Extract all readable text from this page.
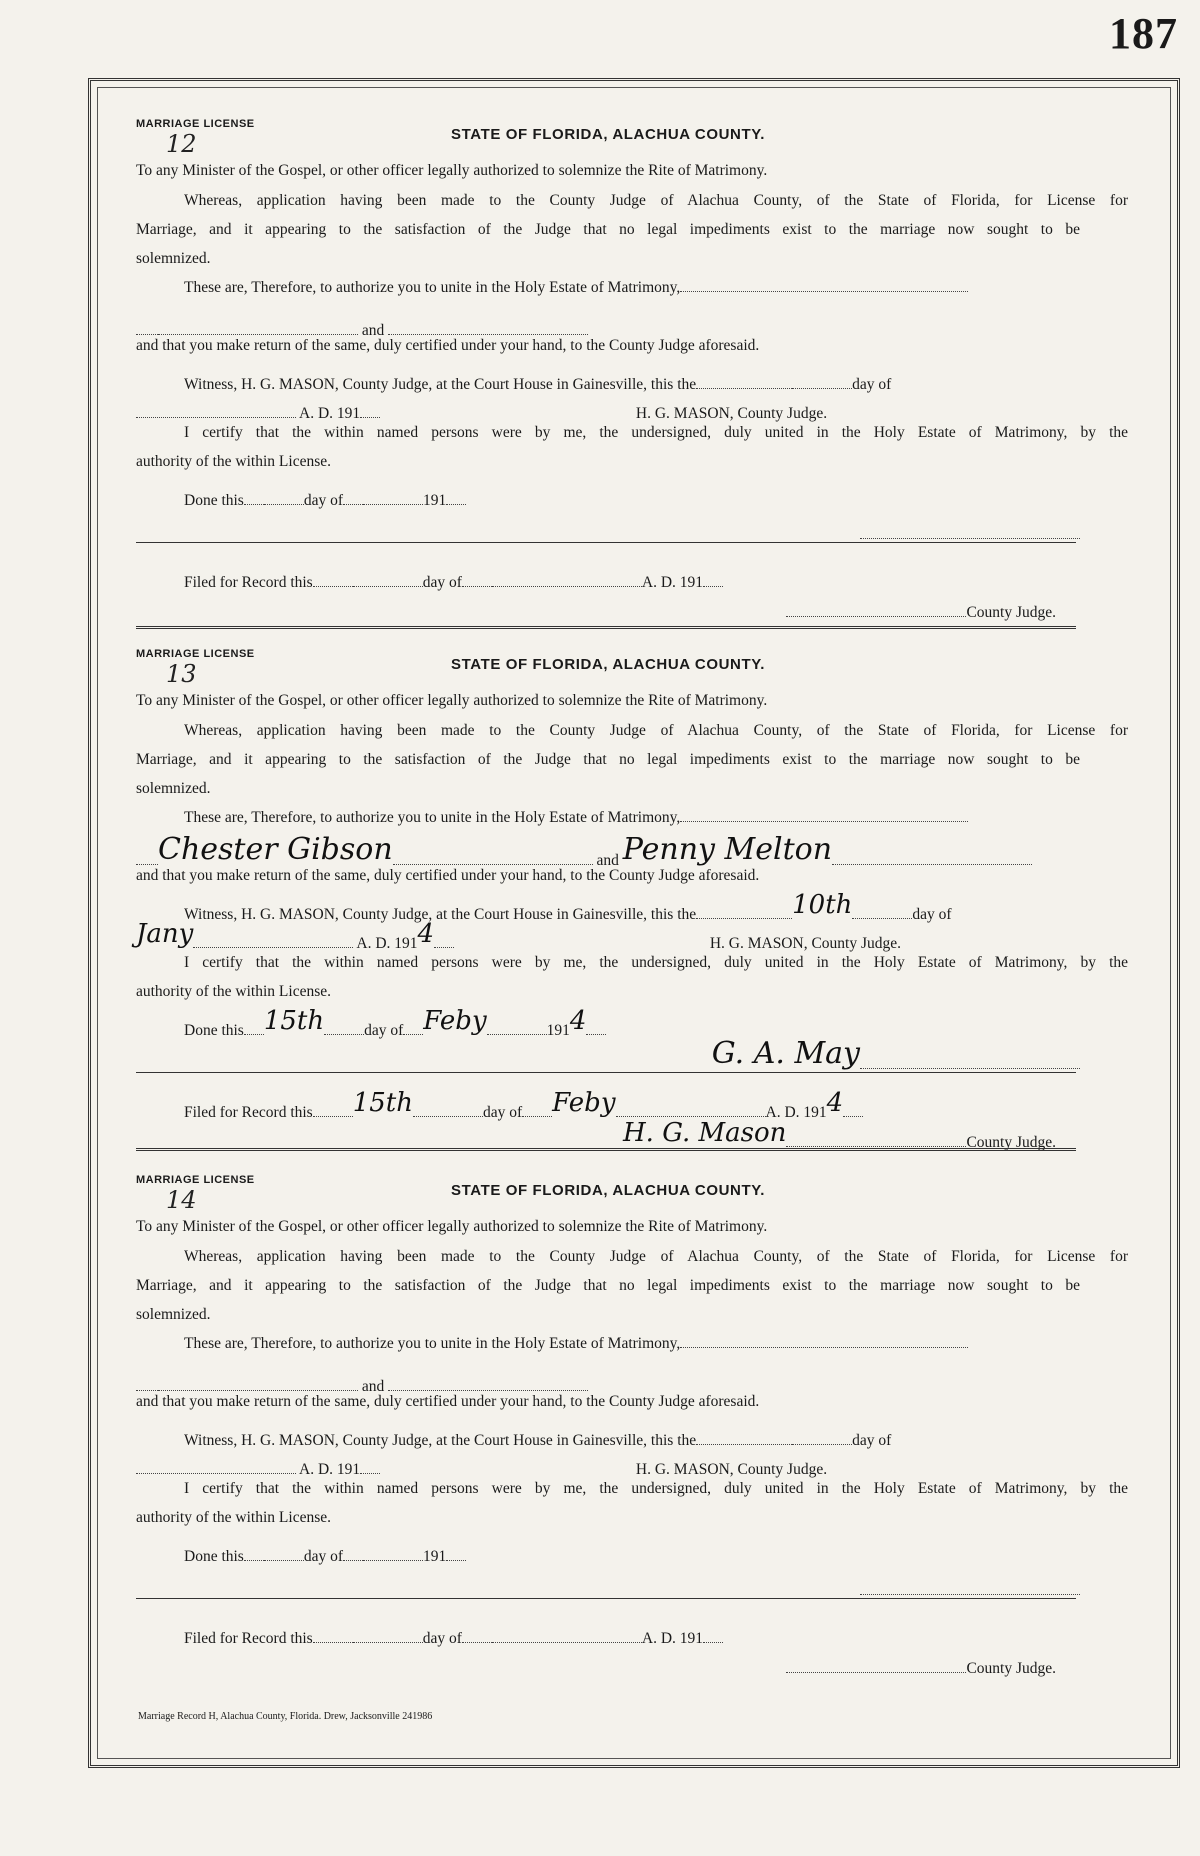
187
MARRIAGE LICENSE
12	STATE OF FLORIDA, ALACHUA COUNTY.
To any Minister of the Gospel, or other officer legally authorized to solemnize the Rite of Matrimony.
Whereas, application having been made to the County Judge of Alachua County, of the State of Florida, for License for
Marriage, and it appearing to the satisfaction of the Judge that no legal impediments exist to the marriage now sought to be
solemnized.
These are, Therefore, to authorize you to unite in the Holy Estate of Matrimony,
and
and that you make return of the same, duly certified under your hand, to the County Judge aforesaid.
Witness, H. G. MASON, County Judge, at the Court House in Gainesville, this the	day of
A. D. 191	H. G. MASON, County Judge.
I certify that the within named persons were by me, the undersigned, duly united in the Holy Estate of Matrimony, by the
authority of the within License.
Done this	day of	191
Filed for Record this	day of	A. D. 191
County Judge.
MARRIAGE LICENSE
13	STATE OF FLORIDA, ALACHUA COUNTY.
To any Minister of the Gospel, or other officer legally authorized to solemnize the Rite of Matrimony.
Whereas, application having been made to the County Judge of Alachua County, of the State of Florida, for License for
Marriage, and it appearing to the satisfaction of the Judge that no legal impediments exist to the marriage now sought to be
solemnized.
These are, Therefore, to authorize you to unite in the Holy Estate of Matrimony,
Chester Gibson	and Penny Melton
and that you make return of the same, duly certified under your hand, to the County Judge aforesaid.
Witness, H. G. MASON, County Judge, at the Court House in Gainesville, this the	10th	day of
Jany	A. D. 1914	H. G. MASON, County Judge.
I certify that the within named persons were by me, the undersigned, duly united in the Holy Estate of Matrimony, by the
authority of the within License.
Done this 15th	day of Feby	1914
G. A. May
Filed for Record this 15th	day of Feby	A. D. 1914
H. G. Mason	County Judge.
MARRIAGE LICENSE
14	STATE OF FLORIDA, ALACHUA COUNTY.
To any Minister of the Gospel, or other officer legally authorized to solemnize the Rite of Matrimony.
Whereas, application having been made to the County Judge of Alachua County, of the State of Florida, for License for
Marriage, and it appearing to the satisfaction of the Judge that no legal impediments exist to the marriage now sought to be
solemnized.
These are, Therefore, to authorize you to unite in the Holy Estate of Matrimony,
and
and that you make return of the same, duly certified under your hand, to the County Judge aforesaid.
Witness, H. G. MASON, County Judge, at the Court House in Gainesville, this the	day of
A. D. 191	H. G. MASON, County Judge.
I certify that the within named persons were by me, the undersigned, duly united in the Holy Estate of Matrimony, by the
authority of the within License.
Done this	day of	191
Filed for Record this	day of	A. D. 191
County Judge.
Marriage Record H, Alachua County, Florida. Drew, Jacksonville 241986
